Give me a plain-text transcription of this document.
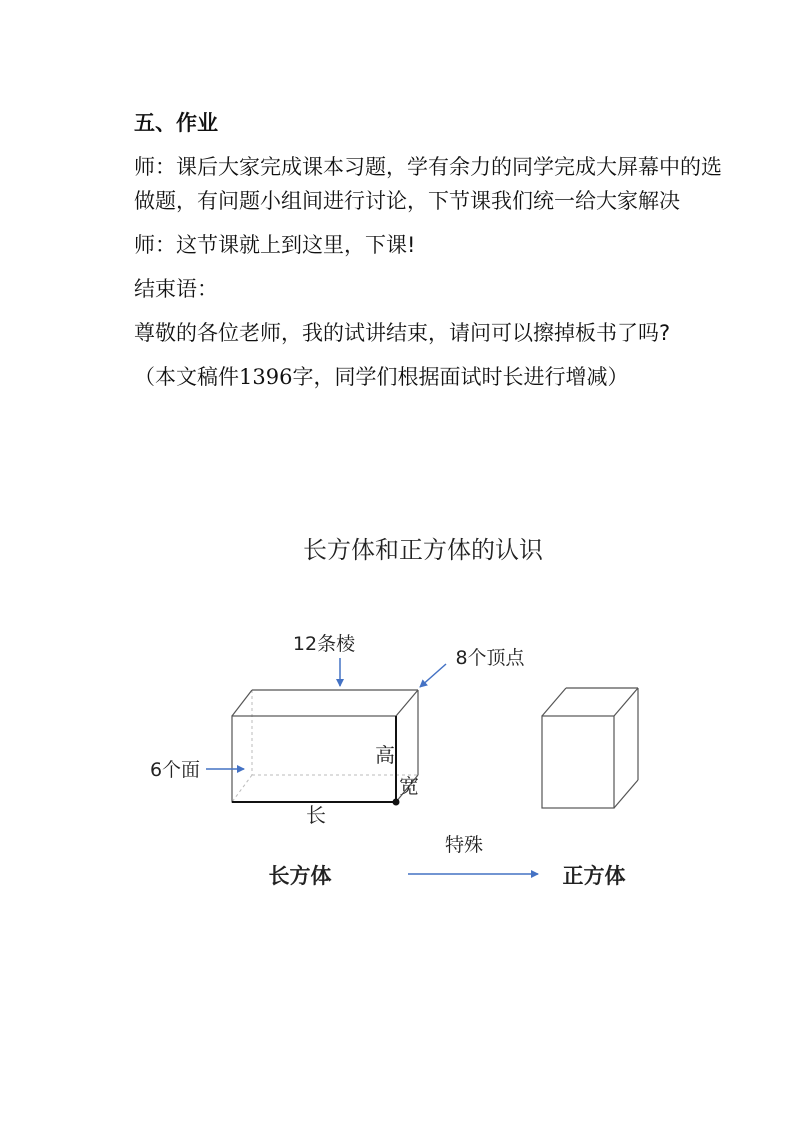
五、作业
师：课后大家完成课本习题，学有余力的同学完成大屏幕中的选做题，有问题小组间进行讨论，下节课我们统一给大家解决
师：这节课就上到这里，下课!
结束语：
尊敬的各位老师，我的试讲结束，请问可以擦掉板书了吗?
（本文稿件1396字，同学们根据面试时长进行增减）
长方体和正方体的认识
12条棱
8个顶点
6个面
高
宽
长
长方体
特殊
正方体
